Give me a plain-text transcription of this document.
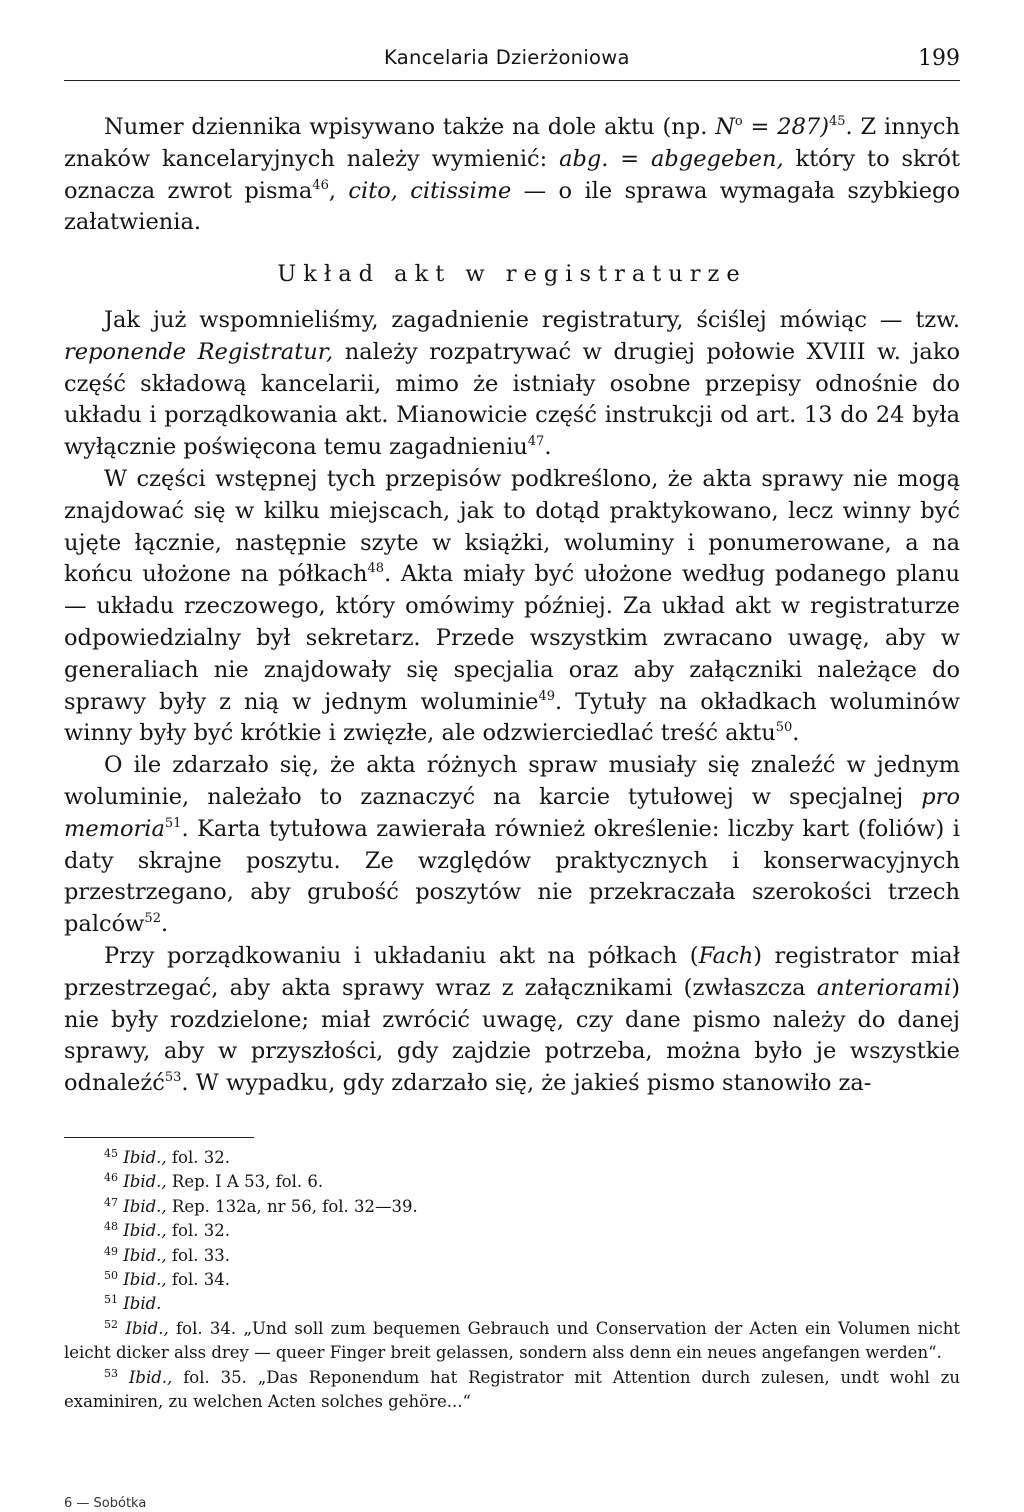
Kancelaria Dzierżoniowa	199

Numer dziennika wpisywano także na dole aktu (np. $N^o = 287)^{45}$. Z innych znaków kancelaryjnych należy wymienić: abg. = abgegeben, który to skrót oznacza zwrot pisma$^{46}$, cito, citissime — o ile sprawa wymagała szybkiego załatwienia.

Układ akt w registraturze

Jak już wspomnieliśmy, zagadnienie registratury, ściślej mówiąc — tzw. reponende Registratur, należy rozpatrywać w drugiej połowie XVIII w. jako część składową kancelarii, mimo że istniały osobne przepisy odnośnie do układu i porządkowania akt. Mianowicie część instrukcji od art. 13 do 24 była wyłącznie poświęcona temu zagadnieniu$^{47}$.

W części wstępnej tych przepisów podkreślono, że akta sprawy nie mogą znajdować się w kilku miejscach, jak to dotąd praktykowano, lecz winny być ujęte łącznie, następnie szyte w książki, woluminy i ponumerowane, a na końcu ułożone na półkach$^{48}$. Akta miały być ułożone według podanego planu — układu rzeczowego, który omówimy później. Za układ akt w registraturze odpowiedzialny był sekretarz. Przede wszystkim zwracano uwagę, aby w generaliach nie znajdowały się specjalia oraz aby załączniki należące do sprawy były z nią w jednym woluminie$^{49}$. Tytuły na okładkach woluminów winny były być krótkie i zwięzłe, ale odzwierciedlać treść aktu$^{50}$.

O ile zdarzało się, że akta różnych spraw musiały się znaleźć w jednym woluminie, należało to zaznaczyć na karcie tytułowej w specjalnej pro memoria$^{51}$. Karta tytułowa zawierała również określenie: liczby kart (foliów) i daty skrajne poszytu. Ze względów praktycznych i konserwacyjnych przestrzegano, aby grubość poszytów nie przekraczała szerokości trzech palców$^{52}$.

Przy porządkowaniu i układaniu akt na półkach (Fach) registrator miał przestrzegać, aby akta sprawy wraz z załącznikami (zwłaszcza anteriorami) nie były rozdzielone; miał zwrócić uwagę, czy dane pismo należy do danej sprawy, aby w przyszłości, gdy zajdzie potrzeba, można było je wszystkie odnaleźć$^{53}$. W wypadku, gdy zdarzało się, że jakieś pismo stanowiło za-

$^{45}$ Ibid., fol. 32.

$^{46}$ Ibid., Rep. I A 53, fol. 6.

$^{47}$ Ibid., Rep. 132a, nr 56, fol. 32—39.

$^{48}$ Ibid., fol. 32.

$^{49}$ Ibid., fol. 33.

$^{50}$ Ibid., fol. 34.

$^{51}$ Ibid.

$^{52}$ Ibid., fol. 34. „Und soll zum bequemen Gebrauch und Conservation der Acten ein Volumen nicht leicht dicker alss drey — queer Finger breit gelassen, sondern alss denn ein neues angefangen werden“.

$^{53}$ Ibid., fol. 35. „Das Reponendum hat Registrator mit Attention durch zulesen, undt wohl zu examiniren, zu welchen Acten solches gehöre...“

6 — Sobótka
